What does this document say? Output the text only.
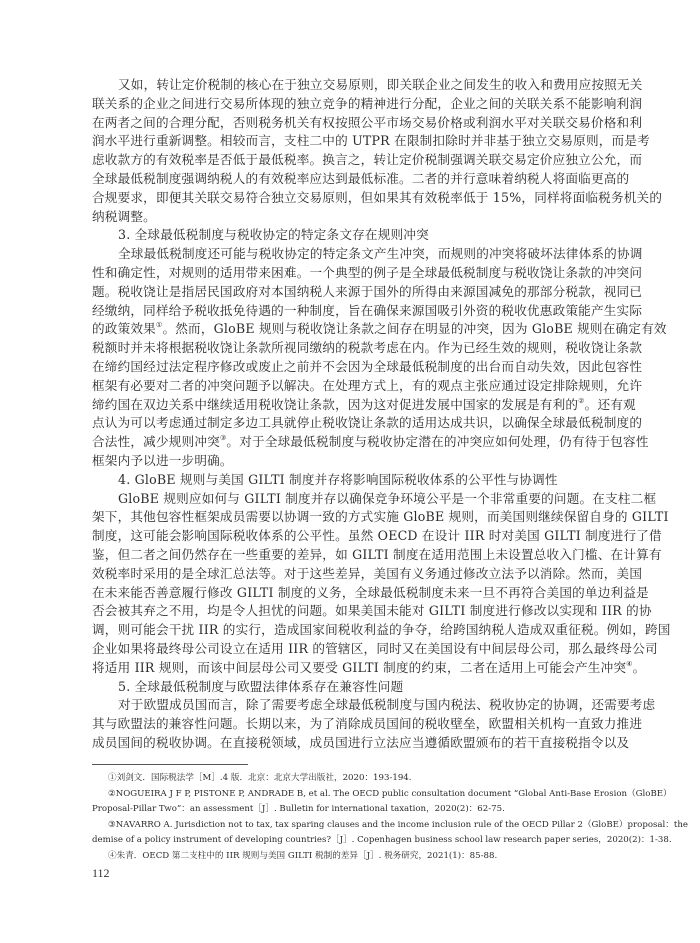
又如，转让定价税制的核心在于独立交易原则，即关联企业之间发生的收入和费用应按照无关
联关系的企业之间进行交易所体现的独立竞争的精神进行分配，企业之间的关联关系不能影响利润
在两者之间的合理分配，否则税务机关有权按照公平市场交易价格或利润水平对关联交易价格和利
润水平进行重新调整。相较而言，支柱二中的 UTPR 在限制扣除时并非基于独立交易原则，而是考
虑收款方的有效税率是否低于最低税率。换言之，转让定价税制强调关联交易定价应独立公允，而
全球最低税制度强调纳税人的有效税率应达到最低标准。二者的并行意味着纳税人将面临更高的
合规要求，即便其关联交易符合独立交易原则，但如果其有效税率低于 15%，同样将面临税务机关的
纳税调整。
3. 全球最低税制度与税收协定的特定条文存在规则冲突
全球最低税制度还可能与税收协定的特定条文产生冲突，而规则的冲突将破坏法律体系的协调
性和确定性，对规则的适用带来困难。一个典型的例子是全球最低税制度与税收饶让条款的冲突问
题。税收饶让是指居民国政府对本国纳税人来源于国外的所得由来源国减免的那部分税款，视同已
经缴纳，同样给予税收抵免待遇的一种制度，旨在确保来源国吸引外资的税收优惠政策能产生实际
的政策效果①。然而，GloBE 规则与税收饶让条款之间存在明显的冲突，因为 GloBE 规则在确定有效
税额时并未将根据税收饶让条款所视同缴纳的税款考虑在内。作为已经生效的规则，税收饶让条款
在缔约国经过法定程序修改或废止之前并不会因为全球最低税制度的出台而自动失效，因此包容性
框架有必要对二者的冲突问题予以解决。在处理方式上，有的观点主张应通过设定排除规则，允许
缔约国在双边关系中继续适用税收饶让条款，因为这对促进发展中国家的发展是有利的②。还有观
点认为可以考虑通过制定多边工具就停止税收饶让条款的适用达成共识，以确保全球最低税制度的
合法性，减少规则冲突③。对于全球最低税制度与税收协定潜在的冲突应如何处理，仍有待于包容性
框架内予以进一步明确。
4. GloBE 规则与美国 GILTI 制度并存将影响国际税收体系的公平性与协调性
GloBE 规则应如何与 GILTI 制度并存以确保竞争环境公平是一个非常重要的问题。在支柱二框
架下，其他包容性框架成员需要以协调一致的方式实施 GloBE 规则，而美国则继续保留自身的 GILTI
制度，这可能会影响国际税收体系的公平性。虽然 OECD 在设计 IIR 时对美国 GILTI 制度进行了借
鉴，但二者之间仍然存在一些重要的差异，如 GILTI 制度在适用范围上未设置总收入门槛、在计算有
效税率时采用的是全球汇总法等。对于这些差异，美国有义务通过修改立法予以消除。然而，美国
在未来能否善意履行修改 GILTI 制度的义务，全球最低税制度未来一旦不再符合美国的单边利益是
否会被其弃之不用，均是令人担忧的问题。如果美国未能对 GILTI 制度进行修改以实现和 IIR 的协
调，则可能会干扰 IIR 的实行，造成国家间税收利益的争夺，给跨国纳税人造成双重征税。例如，跨国
企业如果将最终母公司设立在适用 IIR 的管辖区，同时又在美国设有中间层母公司，那么最终母公司
将适用 IIR 规则，而该中间层母公司又要受 GILTI 制度的约束，二者在适用上可能会产生冲突④。
5. 全球最低税制度与欧盟法律体系存在兼容性问题
对于欧盟成员国而言，除了需要考虑全球最低税制度与国内税法、税收协定的协调，还需要考虑
其与欧盟法的兼容性问题。长期以来，为了消除成员国间的税收壁垒，欧盟相关机构一直致力推进
成员国间的税收协调。在直接税领域，成员国进行立法应当遵循欧盟颁布的若干直接税指令以及
①刘剑文．国际税法学［M］.4 版．北京：北京大学出版社，2020：193-194.
②NOGUEIRA J F P, PISTONE P, ANDRADE B, et al. The OECD public consultation document “Global Anti-Base Erosion（GloBE）
Proposal-Pillar Two”：an assessment［J］. Bulletin for international taxation，2020(2)：62-75.
③NAVARRO A. Jurisdiction not to tax, tax sparing clauses and the income inclusion rule of the OECD Pillar 2（GloBE）proposal：the
demise of a policy instrument of developing countries?［J］. Copenhagen business school law research paper series，2020(2)：1-38.
④朱青．OECD 第二支柱中的 IIR 规则与美国 GILTI 税制的差异［J］. 税务研究，2021(1)：85-88.
112
